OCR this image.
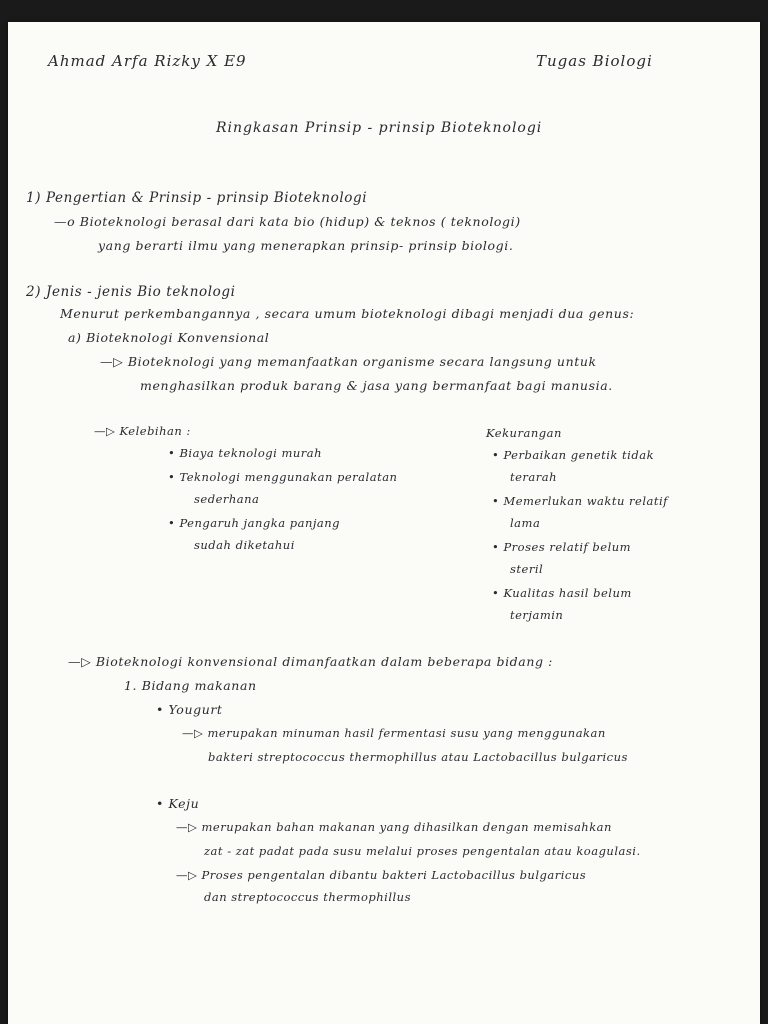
Ahmad Arfa Rizky X E9	Tugas Biologi
Ringkasan Prinsip - prinsip Bioteknologi
1) Pengertian & Prinsip - prinsip Bioteknologi
—o Bioteknologi berasal dari kata bio (hidup) & teknos ( teknologi)
yang berarti ilmu yang menerapkan prinsip- prinsip biologi.
2) Jenis - jenis Bio teknologi
Menurut perkembangannya , secara umum bioteknologi dibagi menjadi dua genus:
a) Bioteknologi Konvensional
—▷ Bioteknologi yang memanfaatkan organisme secara langsung untuk
menghasilkan produk barang & jasa yang bermanfaat bagi manusia.
—▷ Kelebihan :
• Biaya teknologi murah
• Teknologi menggunakan peralatan
sederhana
• Pengaruh jangka panjang
sudah diketahui
Kekurangan
• Perbaikan genetik tidak
terarah
• Memerlukan waktu relatif
lama
• Proses relatif belum
steril
• Kualitas hasil belum
terjamin
—▷ Bioteknologi konvensional dimanfaatkan dalam beberapa bidang :
1. Bidang makanan
• Yougurt
—▷ merupakan minuman hasil fermentasi susu yang menggunakan
bakteri streptococcus thermophillus atau Lactobacillus bulgaricus
• Keju
—▷ merupakan bahan makanan yang dihasilkan dengan memisahkan
zat - zat padat pada susu melalui proses pengentalan atau koagulasi.
—▷ Proses pengentalan dibantu bakteri Lactobacillus bulgaricus
dan streptococcus thermophillus
